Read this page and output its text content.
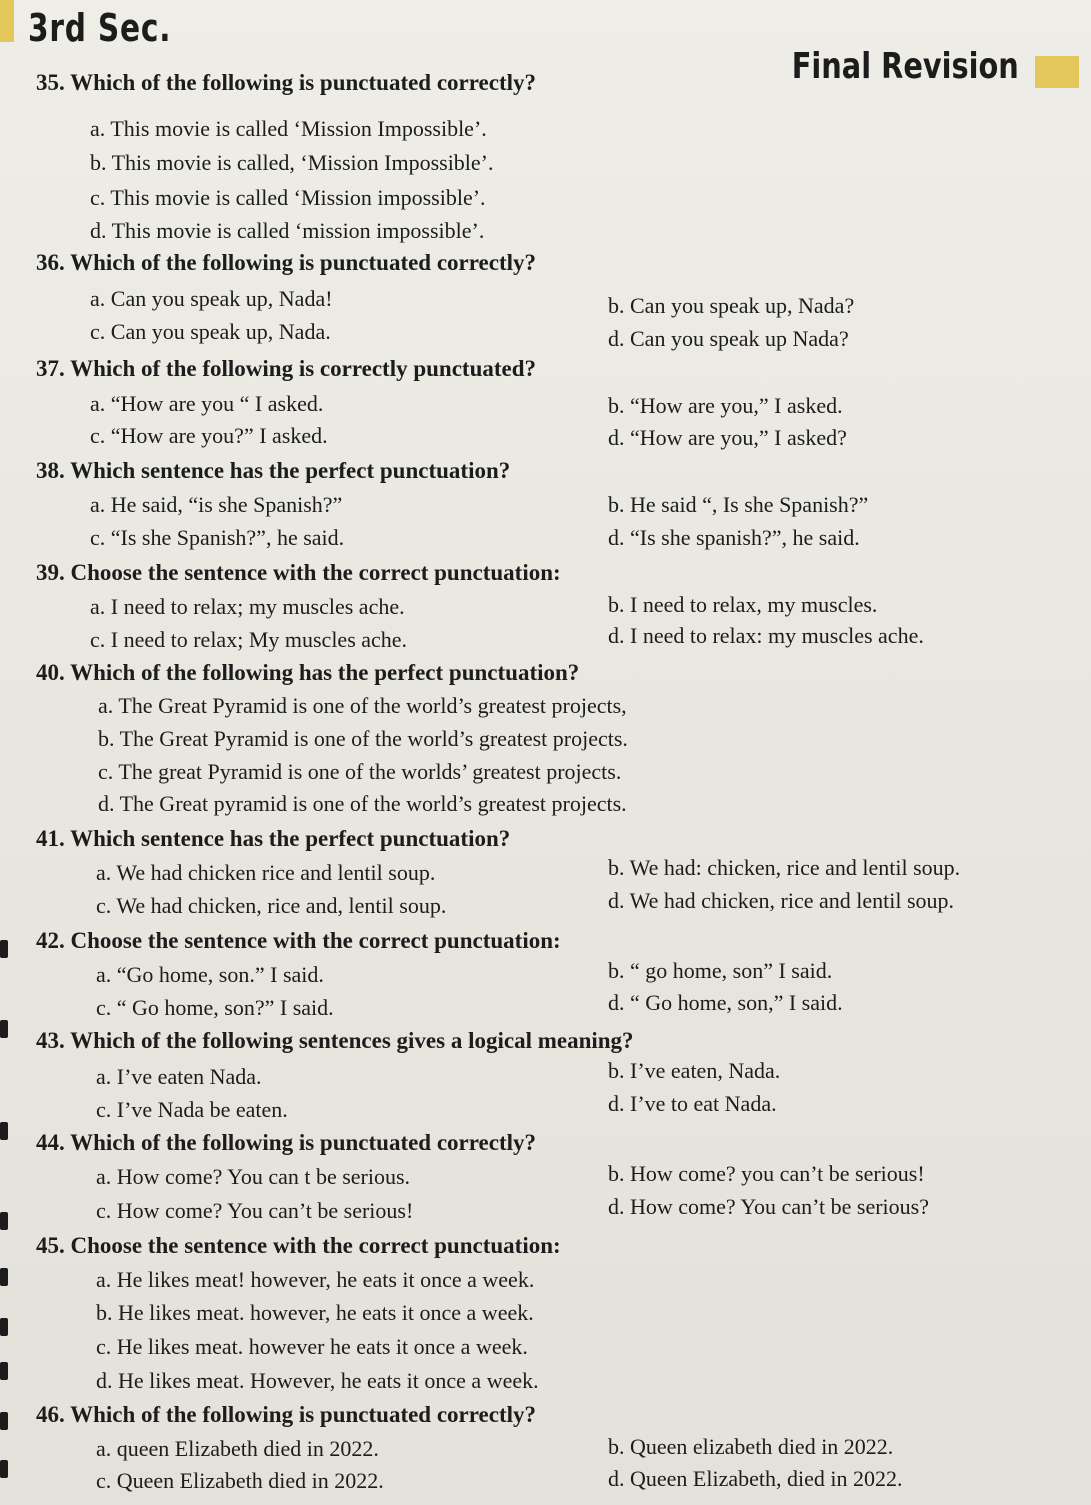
3rd Sec.
Final Revision
35. Which of the following is punctuated correctly?
a. This movie is called ‘Mission Impossible’.
b. This movie is called, ‘Mission Impossible’.
c. This movie is called ‘Mission impossible’.
d. This movie is called ‘mission impossible’.
36. Which of the following is punctuated correctly?
a. Can you speak up, Nada!	b. Can you speak up, Nada?
c. Can you speak up, Nada.	d. Can you speak up Nada?
37. Which of the following is correctly punctuated?
a. “How are you “ I asked.	b. “How are you,” I asked.
c. “How are you?” I asked.	d. “How are you,” I asked?
38. Which sentence has the perfect punctuation?
a. He said, “is she Spanish?”	b. He said “, Is she Spanish?”
c. “Is she Spanish?”, he said.	d. “Is she spanish?”, he said.
39. Choose the sentence with the correct punctuation:
a. I need to relax; my muscles ache.	b. I need to relax, my muscles.
c. I need to relax; My muscles ache.	d. I need to relax: my muscles ache.
40. Which of the following has the perfect punctuation?
a. The Great Pyramid is one of the world’s greatest projects,
b. The Great Pyramid is one of the world’s greatest projects.
c. The great Pyramid is one of the worlds’ greatest projects.
d. The Great pyramid is one of the world’s greatest projects.
41. Which sentence has the perfect punctuation?
a. We had chicken rice and lentil soup.	b. We had: chicken, rice and lentil soup.
c. We had chicken, rice and, lentil soup.	d. We had chicken, rice and lentil soup.
42. Choose the sentence with the correct punctuation:
a. “Go home, son.” I said.	b. “ go home, son” I said.
c. “ Go home, son?” I said.	d. “ Go home, son,” I said.
43. Which of the following sentences gives a logical meaning?
a. I’ve eaten Nada.	b. I’ve eaten, Nada.
c. I’ve Nada be eaten.	d. I’ve to eat Nada.
44. Which of the following is punctuated correctly?
a. How come? You can t be serious.	b. How come? you can’t be serious!
c. How come? You can’t be serious!	d. How come? You can’t be serious?
45. Choose the sentence with the correct punctuation:
a. He likes meat! however, he eats it once a week.
b. He likes meat. however, he eats it once a week.
c. He likes meat. however he eats it once a week.
d. He likes meat. However, he eats it once a week.
46. Which of the following is punctuated correctly?
a. queen Elizabeth died in 2022.	b. Queen elizabeth died in 2022.
c. Queen Elizabeth died in 2022.	d. Queen Elizabeth, died in 2022.
